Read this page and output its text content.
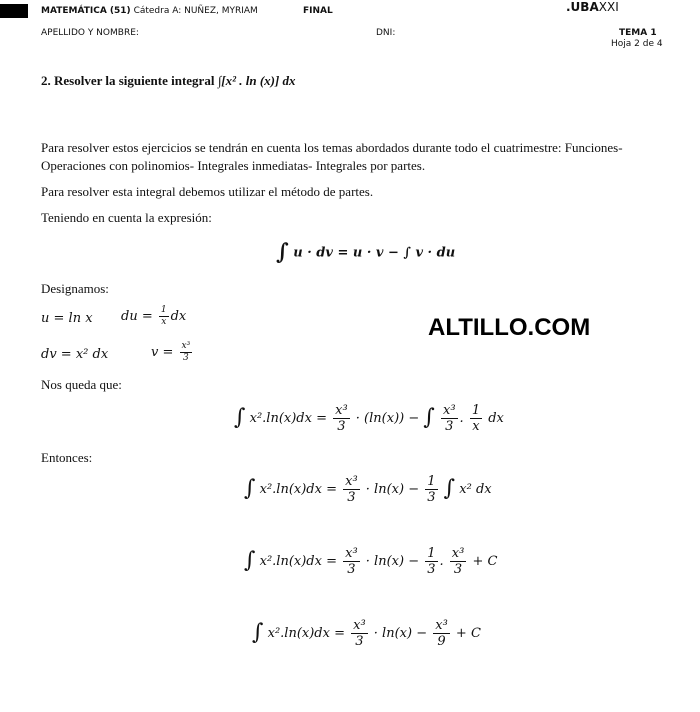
MATEMÁTICA (51) Cátedra A: NUÑEZ, MYRIAM	FINAL	.UBAXXI
APELLIDO Y NOMBRE:	DNI:	TEMA 1
Hoja 2 de 4
2. Resolver la siguiente integral ∫[x² . ln (x)] dx
Para resolver estos ejercicios se tendrán en cuenta los temas abordados durante todo el cuatrimestre: Funciones-
Operaciones con polinomios- Integrales inmediatas- Integrales por partes.
Para resolver esta integral debemos utilizar el método de partes.
Teniendo en cuenta la expresión:
∫ u · dv = u · v − ∫ v · du
Designamos:
u = ln x du = $\frac{1}{x}$ dx
dv = x² dx	$v = \frac{\text{x³}}{3}$
ALTILLO.COM
Nos queda que:
∫ $x^2.\ln(x)dx = \frac{\text{x³}}{3} \cdot (\ln(x))$ − ∫ $\frac{\text{x³}}{3}$ . $\frac{1}{x}$ dx
Entonces:
∫ $x^2.\ln(x)dx = \frac{\text{x³}}{3} \cdot \ln(x) - \frac{1}{3}$ ∫ x² dx
∫ $x^2.\ln(x)dx = \frac{\text{x³}}{3} \cdot \ln(x) - \frac{1}{3}$ . $\frac{\text{x³}}{3} + C$
∫ $x^2.\ln(x)dx = \frac{\text{x³}}{3} \cdot \ln(x) - \frac{\text{x³}}{9} + C$
